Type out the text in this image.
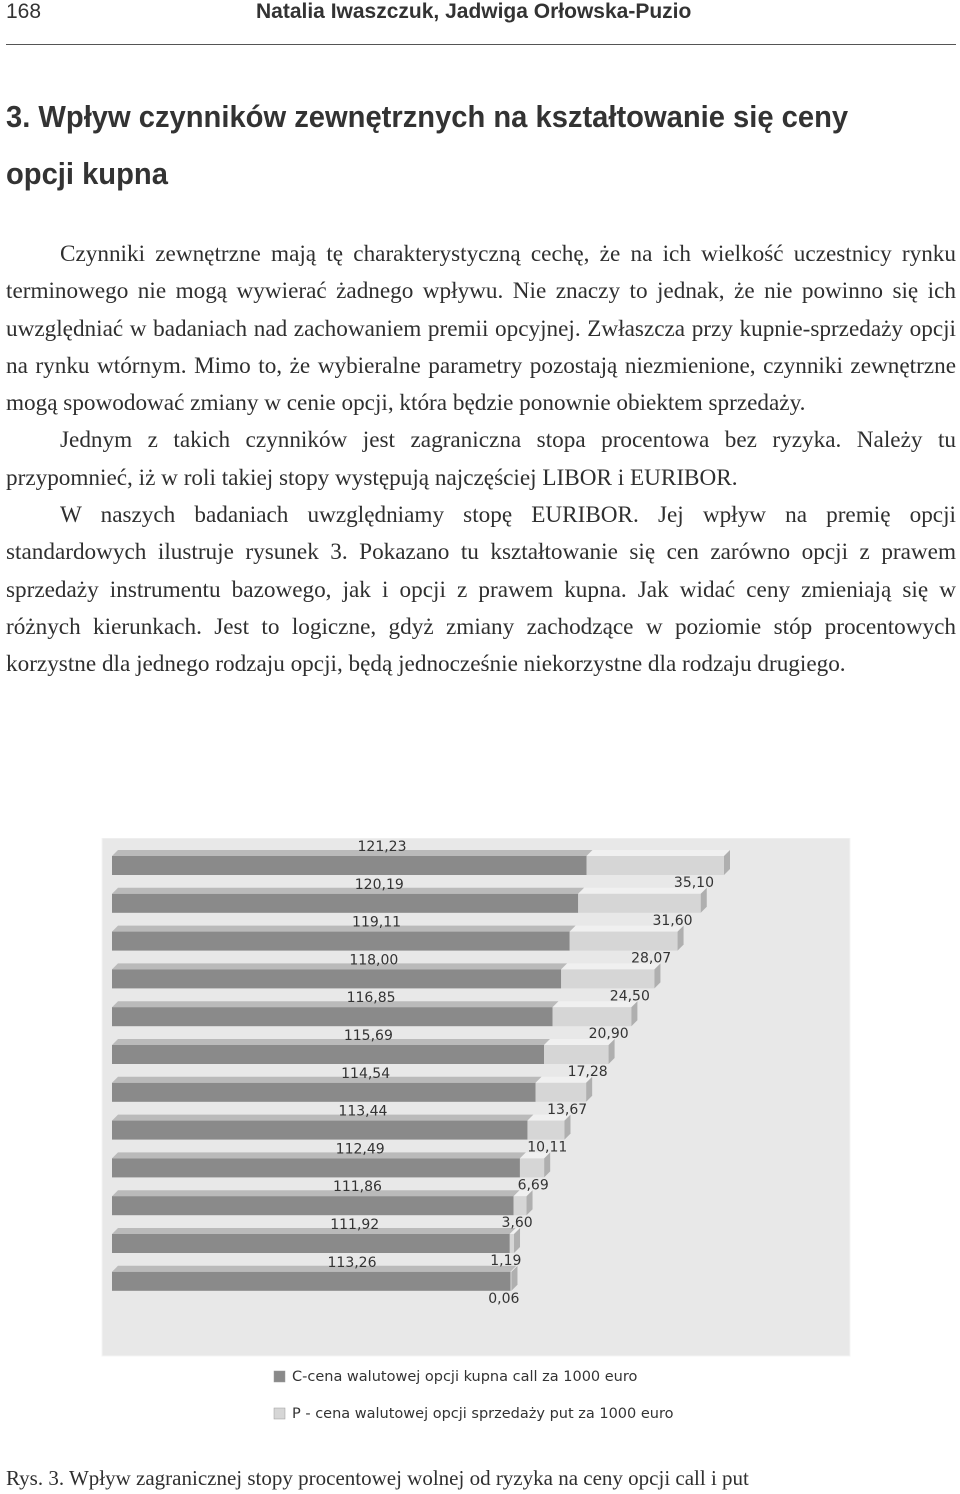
168	Natalia Iwaszczuk, Jadwiga Orłowska-Puzio
3. Wpływ czynników zewnętrznych na kształtowanie się ceny opcji kupna

Czynniki zewnętrzne mają tę charakterystyczną cechę, że na ich wielkość uczestnicy rynku terminowego nie mogą wywierać żadnego wpływu. Nie znaczy to jednak, że nie powinno się ich uwzględniać w badaniach nad zachowaniem premii opcyjnej. Zwłaszcza przy kupnie-sprzedaży opcji na rynku wtórnym. Mimo to, że wybieralne parametry pozostają niezmienione, czynniki zewnętrzne mogą spowodować zmiany w cenie opcji, która będzie ponownie obiektem sprzedaży.

Jednym z takich czynników jest zagraniczna stopa procentowa bez ryzyka. Należy tu przypomnieć, iż w roli takiej stopy występują najczęściej LIBOR i EURIBOR.

W naszych badaniach uwzględniamy stopę EURIBOR. Jej wpływ na premię opcji standardowych ilustruje rysunek 3. Pokazano tu kształtowanie się cen zarówno opcji z prawem sprzedaży instrumentu bazowego, jak i opcji z prawem kupna. Jak widać ceny zmieniają się w różnych kierunkach. Jest to logiczne, gdyż zmiany zachodzące w poziomie stóp procentowych korzystne dla jednego rodzaju opcji, będą jednocześnie niekorzystne dla rodzaju drugiego.

121,23
35,10
120,19
31,60
119,11
28,07
118,00
24,50
116,85
20,90
115,69
17,28
114,54
13,67
113,44
10,11
112,49
6,69
111,86
3,60
111,92
1,19
113,26
0,06
C-cena walutowej opcji kupna call za 1000 euro
P - cena walutowej opcji sprzedaży put za 1000 euro

Rys. 3. Wpływ zagranicznej stopy procentowej wolnej od ryzyka na ceny opcji call i put
